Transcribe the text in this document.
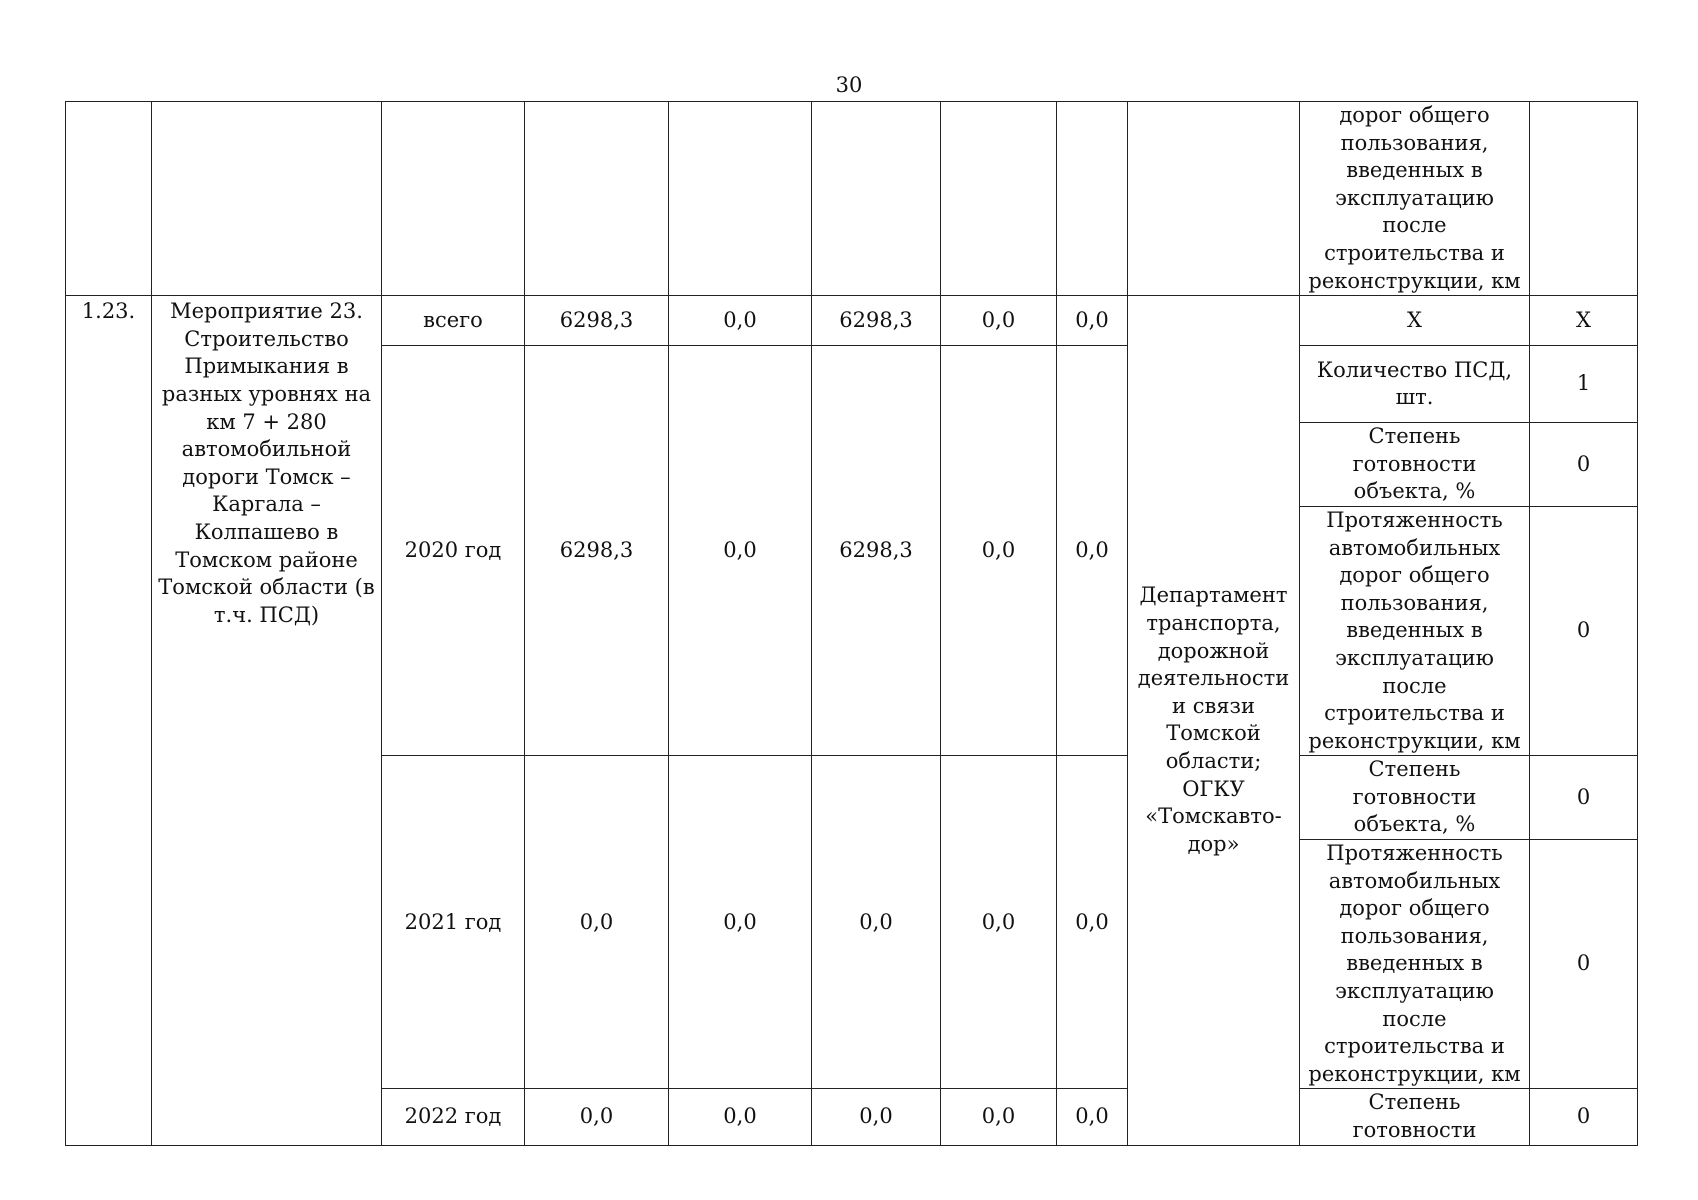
30
									дорог общего пользования, введенных в эксплуатацию после строительства и реконструкции, км	
1.23.	Мероприятие 23. Строительство Примыкания в разных уровнях на км 7 + 280 автомобильной дороги Томск – Каргала – Колпашево в Томском районе Томской области (в т.ч. ПСД)	всего	6298,3	0,0	6298,3	0,0	0,0	Департамент транспорта, дорожной деятельности и связи Томской области; ОГКУ «Томскавто-дор»	Х	Х
		2020 год	6298,3	0,0	6298,3	0,0	0,0		Количество ПСД, шт.	1
									Степень готовности объекта, %	0
									Протяженность автомобильных дорог общего пользования, введенных в эксплуатацию после строительства и реконструкции, км	0
		2021 год	0,0	0,0	0,0	0,0	0,0		Степень готовности объекта, %	0
									Протяженность автомобильных дорог общего пользования, введенных в эксплуатацию после строительства и реконструкции, км	0
		2022 год	0,0	0,0	0,0	0,0	0,0		Степень готовности	0
